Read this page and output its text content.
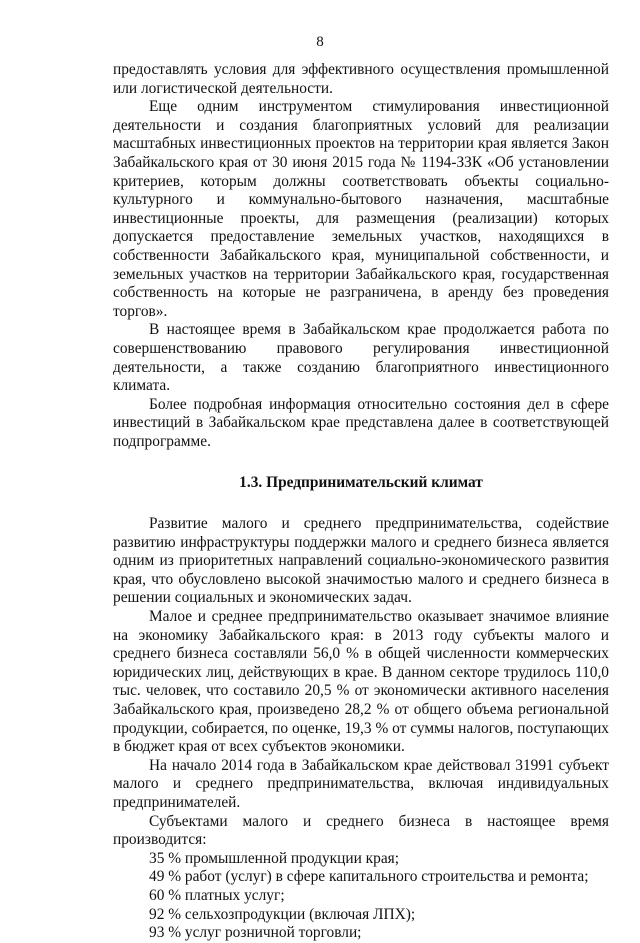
8

предоставлять условия для эффективного осуществления промышленной или логистической деятельности.

Еще одним инструментом стимулирования инвестиционной деятельности и создания благоприятных условий для реализации масштабных инвестиционных проектов на территории края является Закон Забайкальского края от 30 июня 2015 года № 1194-ЗЗК «Об установлении критериев, которым должны соответствовать объекты социально-культурного и коммунально-бытового назначения, масштабные инвестиционные проекты, для размещения (реализации) которых допускается предоставление земельных участков, находящихся в собственности Забайкальского края, муниципальной собственности, и земельных участков на территории Забайкальского края, государственная собственность на которые не разграничена, в аренду без проведения торгов».

В настоящее время в Забайкальском крае продолжается работа по совершенствованию правового регулирования инвестиционной деятельности, а также созданию благоприятного инвестиционного климата.

Более подробная информация относительно состояния дел в сфере инвестиций в Забайкальском крае представлена далее в соответствующей подпрограмме.

1.3. Предпринимательский климат

Развитие малого и среднего предпринимательства, содействие развитию инфраструктуры поддержки малого и среднего бизнеса является одним из приоритетных направлений социально-экономического развития края, что обусловлено высокой значимостью малого и среднего бизнеса в решении социальных и экономических задач.

Малое и среднее предпринимательство оказывает значимое влияние на экономику Забайкальского края: в 2013 году субъекты малого и среднего бизнеса составляли 56,0 % в общей численности коммерческих юридических лиц, действующих в крае. В данном секторе трудилось 110,0 тыс. человек, что составило 20,5 % от экономически активного населения Забайкальского края, произведено 28,2 % от общего объема региональной продукции, собирается, по оценке, 19,3 % от суммы налогов, поступающих в бюджет края от всех субъектов экономики.

На начало 2014 года в Забайкальском крае действовал 31991 субъект малого и среднего предпринимательства, включая индивидуальных предпринимателей.

Субъектами малого и среднего бизнеса в настоящее время производится:

35 % промышленной продукции края;

49 % работ (услуг) в сфере капитального строительства и ремонта;

60 % платных услуг;

92 % сельхозпродукции (включая ЛПХ);

93 % услуг розничной торговли;
